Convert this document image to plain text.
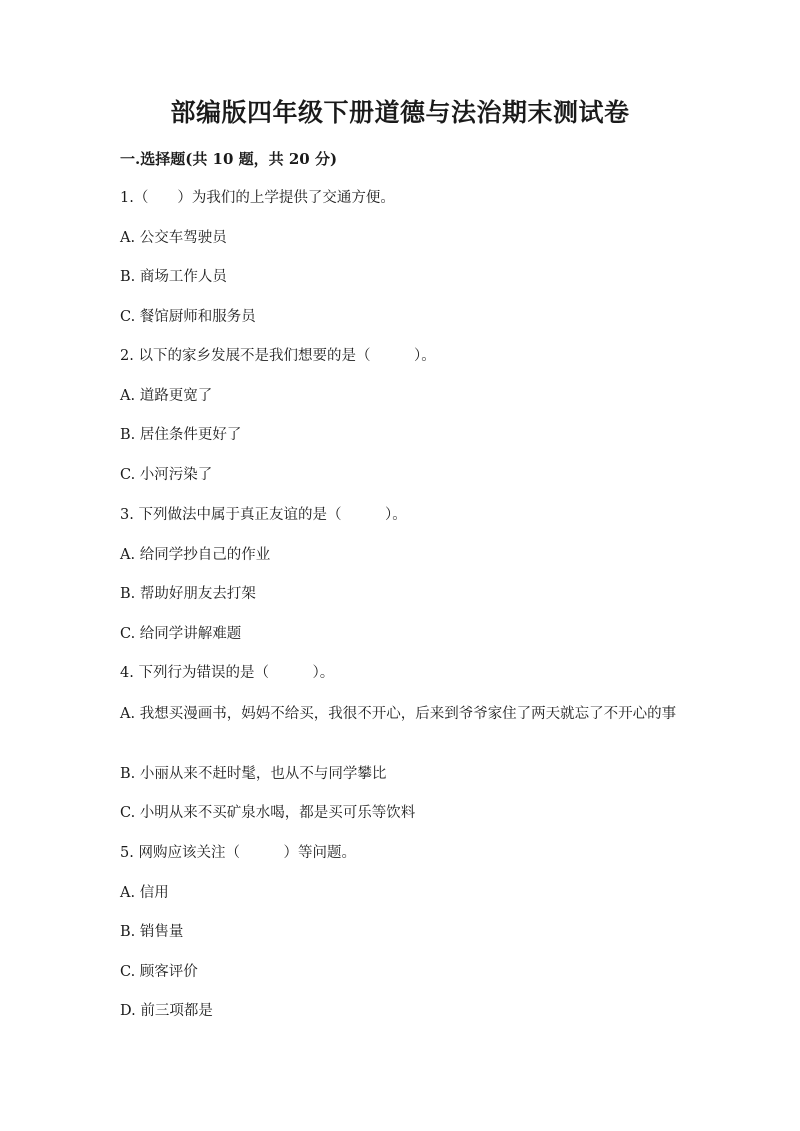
部编版四年级下册道德与法治期末测试卷
一.选择题(共 10 题，共 20 分)

1.（　　）为我们的上学提供了交通方便。

A. 公交车驾驶员

B. 商场工作人员

C. 餐馆厨师和服务员

2. 以下的家乡发展不是我们想要的是（　　　）。

A. 道路更宽了

B. 居住条件更好了

C. 小河污染了

3. 下列做法中属于真正友谊的是（　　　）。

A. 给同学抄自己的作业

B. 帮助好朋友去打架

C. 给同学讲解难题

4. 下列行为错误的是（　　　）。

A. 我想买漫画书，妈妈不给买，我很不开心，后来到爷爷家住了两天就忘了不开心的事

B. 小丽从来不赶时髦，也从不与同学攀比

C. 小明从来不买矿泉水喝，都是买可乐等饮料

5. 网购应该关注（　　　）等问题。

A. 信用

B. 销售量

C. 顾客评价

D. 前三项都是
